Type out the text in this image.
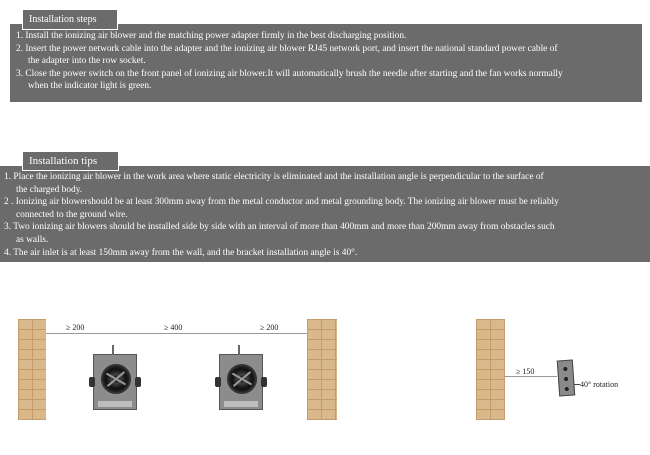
1. Install the ionizing air blower and the matching power adapter firmly in the best discharging position.
2. Insert the power network cable into the adapter and the ionizing air blower RJ45 network port, and insert the national standard power cable of
the adapter into the row socket.
3. Close the power switch on the front panel of ionizing air blower.It will automatically brush the needle after starting and the fan works normally
when the indicator light is green.
Installation steps
1. Place the ionizing air blower in the work area where static electricity is eliminated and the installation angle is perpendicular to the surface of
the charged body.
2 . Ionizing air blowershould be at least 300mm away from the metal conductor and metal grounding body. The ionizing air blower must be reliably
connected to the ground wire.
3. Two ionizing air blowers should be installed side by side with an interval of more than 400mm and more than 200mm away from obstacles such
as walls.
4. The air inlet is at least 150mm away from the wall, and the bracket installation angle is 40°.
Installation tips
≥ 200	≥ 400	≥ 200
≥ 150
40° rotation
